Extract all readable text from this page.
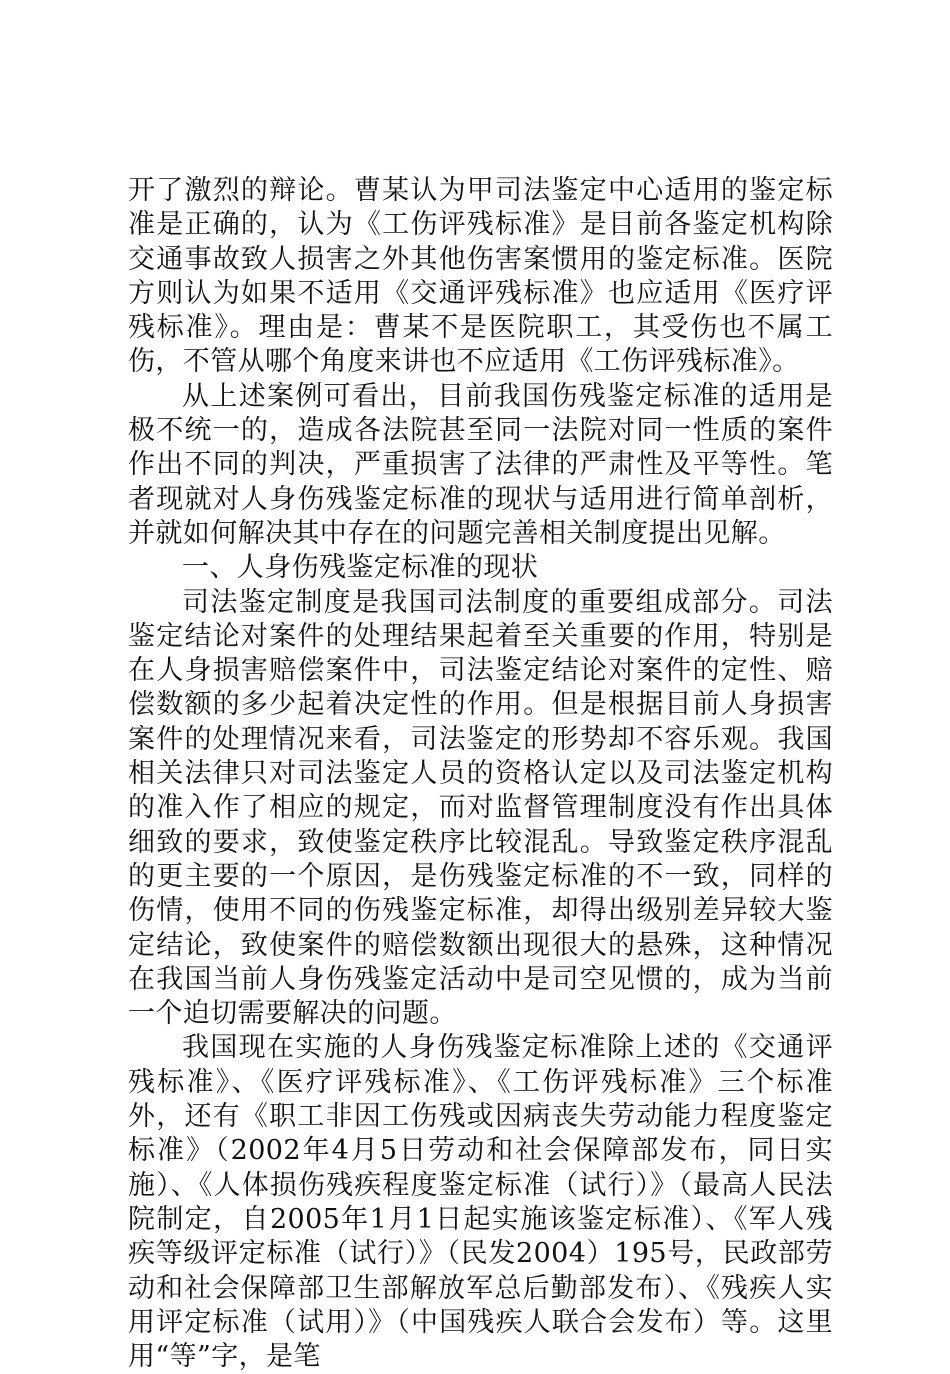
开了激烈的辩论。曹某认为甲司法鉴定中心适用的鉴定标准是正确的，认为《工伤评残标准》是目前各鉴定机构除交通事故致人损害之外其他伤害案惯用的鉴定标准。医院方则认为如果不适用《交通评残标准》也应适用《医疗评残标准》。理由是：曹某不是医院职工，其受伤也不属工伤，不管从哪个角度来讲也不应适用《工伤评残标准》。

从上述案例可看出，目前我国伤残鉴定标准的适用是极不统一的，造成各法院甚至同一法院对同一性质的案件作出不同的判决，严重损害了法律的严肃性及平等性。笔者现就对人身伤残鉴定标准的现状与适用进行简单剖析，并就如何解决其中存在的问题完善相关制度提出见解。

一、人身伤残鉴定标准的现状

司法鉴定制度是我国司法制度的重要组成部分。司法鉴定结论对案件的处理结果起着至关重要的作用，特别是在人身损害赔偿案件中，司法鉴定结论对案件的定性、赔偿数额的多少起着决定性的作用。但是根据目前人身损害案件的处理情况来看，司法鉴定的形势却不容乐观。我国相关法律只对司法鉴定人员的资格认定以及司法鉴定机构的准入作了相应的规定，而对监督管理制度没有作出具体细致的要求，致使鉴定秩序比较混乱。导致鉴定秩序混乱的更主要的一个原因，是伤残鉴定标准的不一致，同样的伤情，使用不同的伤残鉴定标准，却得出级别差异较大鉴定结论，致使案件的赔偿数额出现很大的悬殊，这种情况在我国当前人身伤残鉴定活动中是司空见惯的，成为当前一个迫切需要解决的问题。

我国现在实施的人身伤残鉴定标准除上述的《交通评残标准》、《医疗评残标准》、《工伤评残标准》三个标准外，还有《职工非因工伤残或因病丧失劳动能力程度鉴定标准》（2002年4月5日劳动和社会保障部发布，同日实施）、《人体损伤残疾程度鉴定标准（试行）》（最高人民法院制定，自2005年1月1日起实施该鉴定标准）、《军人残疾等级评定标准（试行）》（民发2004）195号，民政部劳动和社会保障部卫生部解放军总后勤部发布）、《残疾人实用评定标准（试用）》（中国残疾人联合会发布）等。这里用“等”字，是笔
